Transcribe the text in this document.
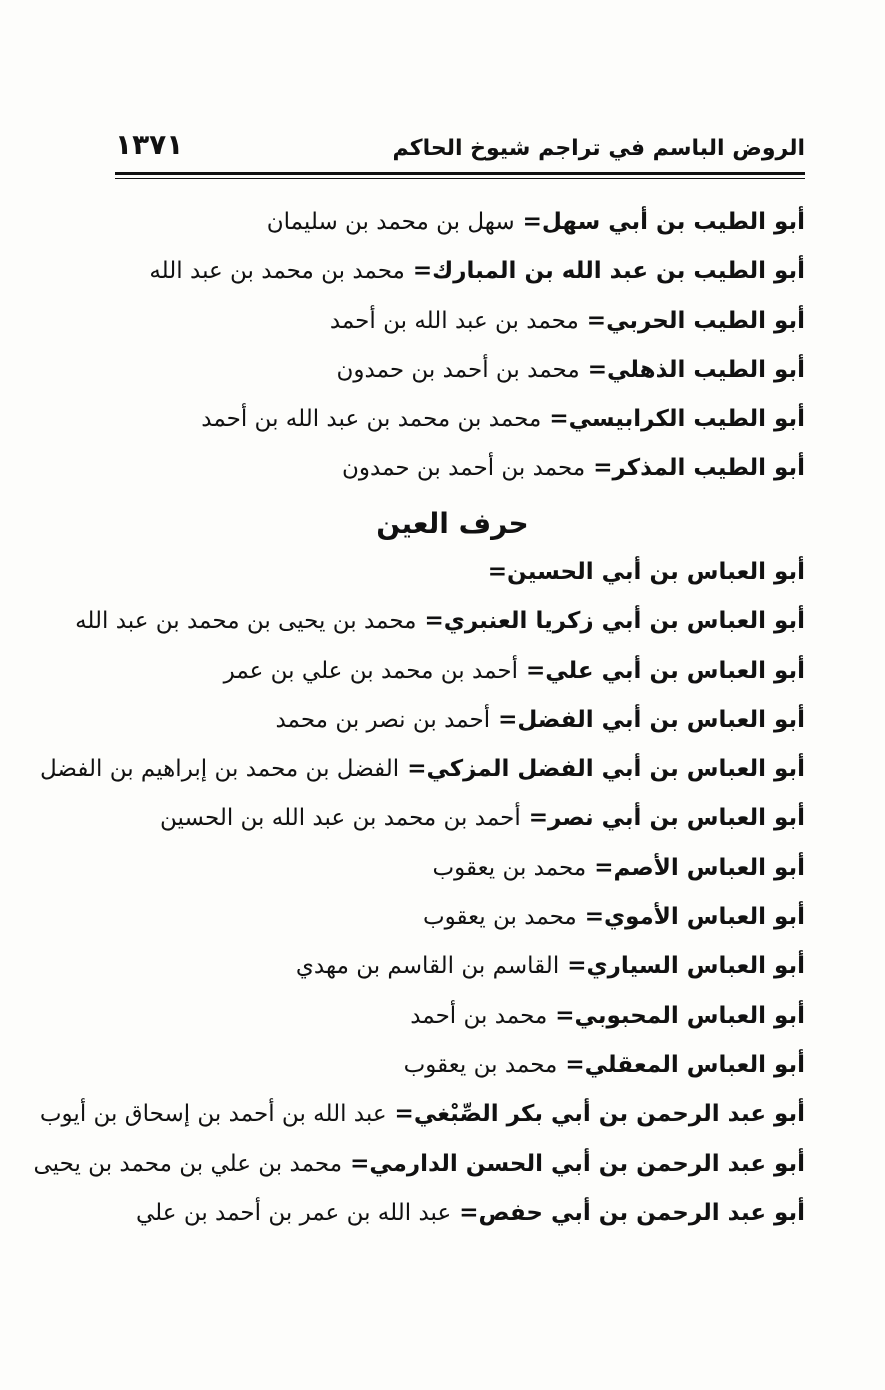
الروض الباسم في تراجم شيوخ الحاكم
١٣٧١
أبو الطيب بن أبي سهل= سهل بن محمد بن سليمان
أبو الطيب بن عبد الله بن المبارك= محمد بن محمد بن عبد الله
أبو الطيب الحربي= محمد بن عبد الله بن أحمد
أبو الطيب الذهلي= محمد بن أحمد بن حمدون
أبو الطيب الكرابيسي= محمد بن محمد بن عبد الله بن أحمد
أبو الطيب المذكر= محمد بن أحمد بن حمدون
حرف العين
أبو العباس بن أبي الحسين=
أبو العباس بن أبي زكريا العنبري= محمد بن يحيى بن محمد بن عبد الله
أبو العباس بن أبي علي= أحمد بن محمد بن علي بن عمر
أبو العباس بن أبي الفضل= أحمد بن نصر بن محمد
أبو العباس بن أبي الفضل المزكي= الفضل بن محمد بن إبراهيم بن الفضل
أبو العباس بن أبي نصر= أحمد بن محمد بن عبد الله بن الحسين
أبو العباس الأصم= محمد بن يعقوب
أبو العباس الأموي= محمد بن يعقوب
أبو العباس السياري= القاسم بن القاسم بن مهدي
أبو العباس المحبوبي= محمد بن أحمد
أبو العباس المعقلي= محمد بن يعقوب
أبو عبد الرحمن بن أبي بكر الصِّبْغي= عبد الله بن أحمد بن إسحاق بن أيوب
أبو عبد الرحمن بن أبي الحسن الدارمي= محمد بن علي بن محمد بن يحيى
أبو عبد الرحمن بن أبي حفص= عبد الله بن عمر بن أحمد بن علي
